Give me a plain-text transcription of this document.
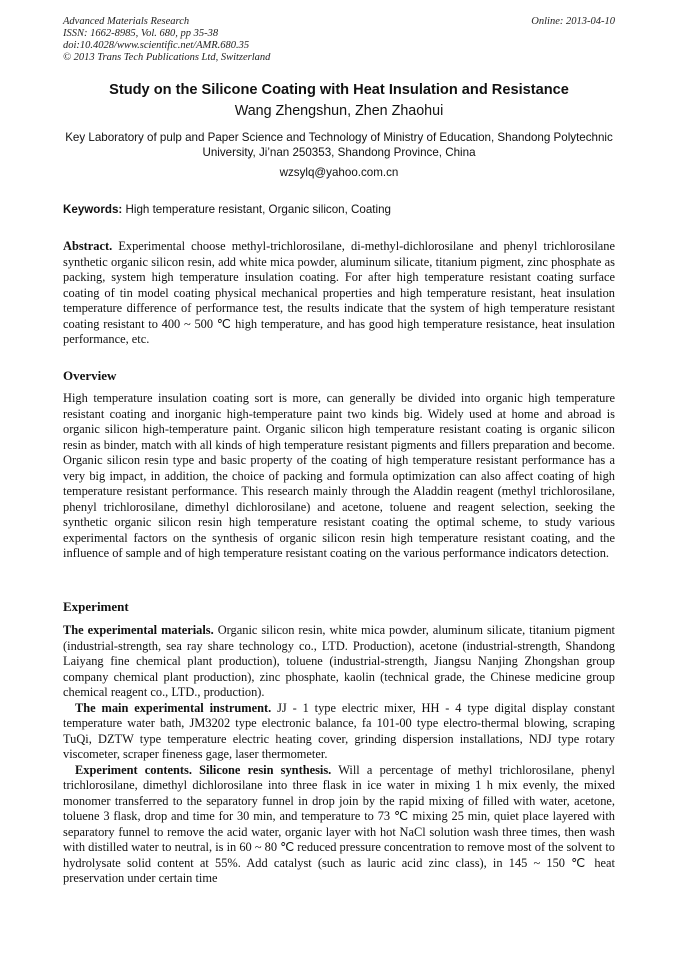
Advanced Materials Research
ISSN: 1662-8985, Vol. 680, pp 35-38
doi:10.4028/www.scientific.net/AMR.680.35
© 2013 Trans Tech Publications Ltd, Switzerland
Online: 2013-04-10
Study on the Silicone Coating with Heat Insulation and Resistance
Wang Zhengshun, Zhen Zhaohui
Key Laboratory of pulp and Paper Science and Technology of Ministry of Education, Shandong Polytechnic University, Ji’nan 250353, Shandong Province, China
wzsylq@yahoo.com.cn
Keywords: High temperature resistant, Organic silicon, Coating
Abstract. Experimental choose methyl-trichlorosilane, di-methyl-dichlorosilane and phenyl trichlorosilane synthetic organic silicon resin, add white mica powder, aluminum silicate, titanium pigment, zinc phosphate as packing, system high temperature insulation coating. For after high temperature resistant coating surface coating of tin model coating physical mechanical properties and high temperature resistant, heat insulation temperature difference of performance test, the results indicate that the system of high temperature resistant coating resistant to 400 ~ 500 ℃ high temperature, and has good high temperature resistance, heat insulation performance, etc.
Overview
High temperature insulation coating sort is more, can generally be divided into organic high temperature resistant coating and inorganic high-temperature paint two kinds big. Widely used at home and abroad is organic silicon high-temperature paint. Organic silicon high temperature resistant coating is organic silicon resin as binder, match with all kinds of high temperature resistant pigments and fillers preparation and become. Organic silicon resin type and basic property of the coating of high temperature resistant performance has a very big impact, in addition, the choice of packing and formula optimization can also affect coating of high temperature resistant performance. This research mainly through the Aladdin reagent (methyl trichlorosilane, phenyl trichlorosilane, dimethyl dichlorosilane) and acetone, toluene and reagent selection, seeking the synthetic organic silicon resin high temperature resistant coating the optimal scheme, to study various experimental factors on the synthesis of organic silicon resin high temperature resistant coating, and the influence of sample and of high temperature resistant coating on the various performance indicators detection.
Experiment

The experimental materials. Organic silicon resin, white mica powder, aluminum silicate, titanium pigment (industrial-strength, sea ray share technology co., LTD. Production), acetone (industrial-strength, Shandong Laiyang fine chemical plant production), toluene (industrial-strength, Jiangsu Nanjing Zhongshan group company chemical plant production), zinc phosphate, kaolin (technical grade, the Chinese medicine group chemical reagent co., LTD., production).

The main experimental instrument. JJ - 1 type electric mixer, HH - 4 type digital display constant temperature water bath, JM3202 type electronic balance, fa 101-00 type electro-thermal blowing, scraping TuQi, DZTW type temperature electric heating cover, grinding dispersion installations, NDJ type rotary viscometer, scraper fineness gage, laser thermometer.

Experiment contents. Silicone resin synthesis. Will a percentage of methyl trichlorosilane, phenyl trichlorosilane, dimethyl dichlorosilane into three flask in ice water in mixing 1 h mix evenly, the mixed monomer transferred to the separatory funnel in drop join by the rapid mixing of filled with water, acetone, toluene 3 flask, drop and time for 30 min, and temperature to 73 ℃ mixing 25 min, quiet place layered with separatory funnel to remove the acid water, organic layer with hot NaCl solution wash three times, then wash with distilled water to neutral, is in 60 ~ 80 ℃ reduced pressure concentration to remove most of the solvent to hydrolysate solid content at 55%. Add catalyst (such as lauric acid zinc class), in 145 ~ 150 ℃ heat preservation under certain time
